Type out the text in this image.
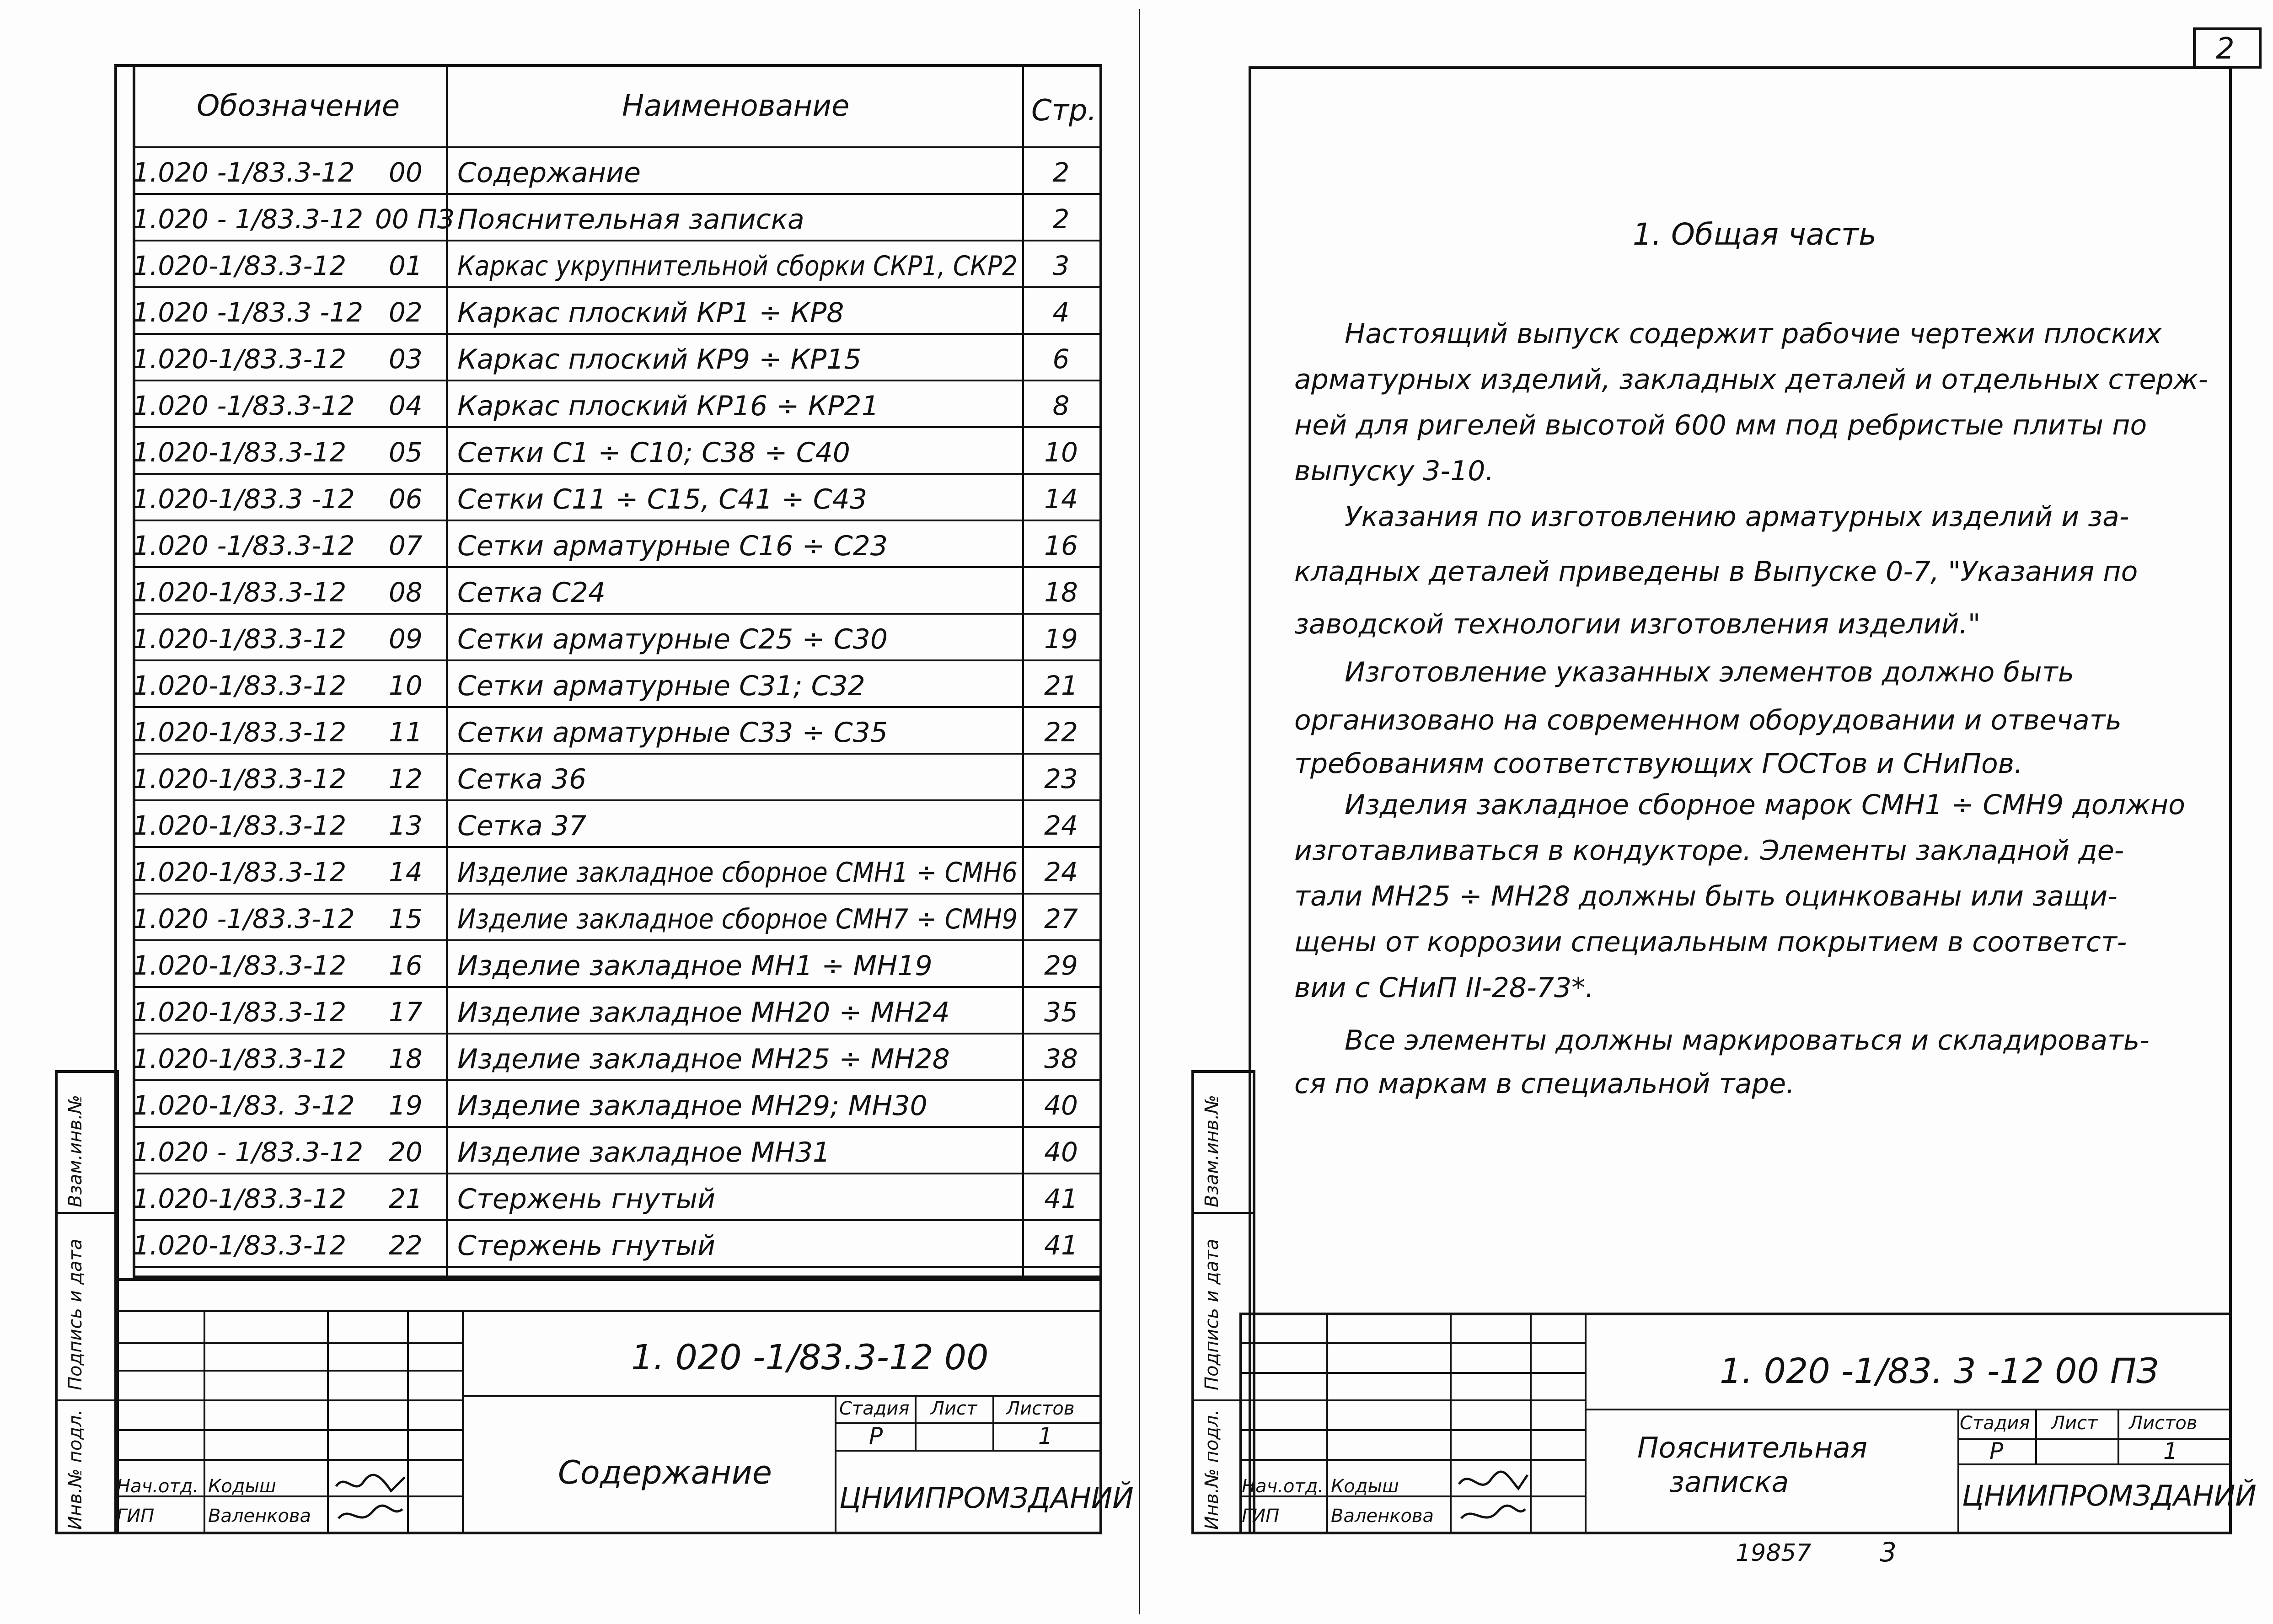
Инв.№ подл.
Подпись и дата
Взам.инв.№
Обозначение	Наименование	Стр.
1.020 -1/83.3-12 00 Содержание	2
1.020 - 1/83.3-12 00 ПЗ Пояснительная записка	2
1.020-1/83.3-12 01 Каркас укрупнительной сборки СКР1, СКР2	3
1.020 -1/83.3 -12 02 Каркас плоский КР1 ÷ КР8	4
1.020-1/83.3-12 03 Каркас плоский КР9 ÷ КР15	6
1.020 -1/83.3-12 04 Каркас плоский КР16 ÷ КР21	8
1.020-1/83.3-12 05 Сетки С1 ÷ С10; С38 ÷ С40	10
1.020-1/83.3 -12 06 Сетки С11 ÷ С15, С41 ÷ С43	14
1.020 -1/83.3-12 07 Сетки арматурные С16 ÷ С23	16
1.020-1/83.3-12 08 Сетка С24	18
1.020-1/83.3-12 09 Сетки арматурные С25 ÷ С30	19
1.020-1/83.3-12 10 Сетки арматурные С31; С32	21
1.020-1/83.3-12 11 Сетки арматурные С33 ÷ С35	22
1.020-1/83.3-12 12 Сетка 36	23
1.020-1/83.3-12 13 Сетка 37	24
1.020-1/83.3-12 14 Изделие закладное сборное СМН1 ÷ СМН6	24
1.020 -1/83.3-12 15 Изделие закладное сборное СМН7 ÷ СМН9	27
1.020-1/83.3-12 16 Изделие закладное МН1 ÷ МН19	29
1.020-1/83.3-12 17 Изделие закладное МН20 ÷ МН24	35
1.020-1/83.3-12 18 Изделие закладное МН25 ÷ МН28	38
1.020-1/83. 3-12 19 Изделие закладное МН29; МН30	40
1.020 - 1/83.3-12 20 Изделие закладное МН31	40
1.020-1/83.3-12 21 Стержень гнутый	41
1.020-1/83.3-12 22 Стержень гнутый	41
1. 020 -1/83.3-12 00
Содержание
Стадия Лист Листов
Р	1
ЦНИИПРОМЗДАНИЙ
Нач.отд. Кодыш
ГИП	Валенкова
2
Инв.№ подл.
Подпись и дата
Взам.инв.№
1. Общая часть
Настоящий выпуск содержит рабочие чертежи плоских
арматурных изделий, закладных деталей и отдельных стерж-
ней для ригелей высотой 600 мм под ребристые плиты по
выпуску 3-10.
Указания по изготовлению арматурных изделий и за-
кладных деталей приведены в Выпуске 0-7, "Указания по
заводской технологии изготовления изделий."
Изготовление указанных элементов должно быть
организовано на современном оборудовании и отвечать
требованиям соответствующих ГОСТов и СНиПов.
Изделия закладное сборное марок СМН1 ÷ СМН9 должно
изготавливаться в кондукторе. Элементы закладной де-
тали МН25 ÷ МН28 должны быть оцинкованы или защи-
щены от коррозии специальным покрытием в соответст-
вии с СНиП II-28-73*.
Все элементы должны маркироваться и складировать-
ся по маркам в специальной таре.
1. 020 -1/83. 3 -12 00 ПЗ
Пояснительная
записка
Стадия Лист Листов
Р	1
ЦНИИПРОМЗДАНИЙ
Нач.отд. Кодыш
ГИП	Валенкова
19857	3
